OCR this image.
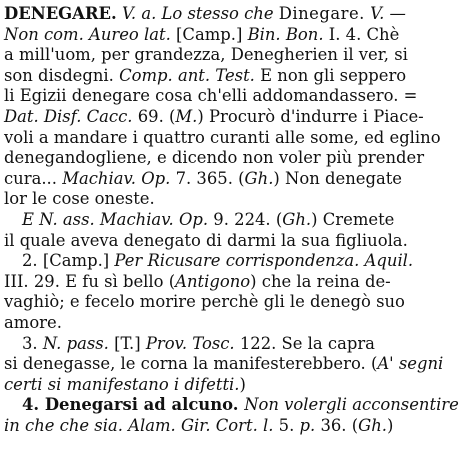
DENEGARE. V. a. Lo stesso che Dinegare. V. —
Non com. Aureo lat. [Camp.] Bin. Bon. I. 4. Chè
a mill'uom, per grandezza, Denegherien il ver, si
son disdegni. Comp. ant. Test. E non gli seppero
li Egizii denegare cosa ch'elli addomandassero. =
Dat. Disf. Cacc. 69. (M.) Procurò d'indurre i Piace-
voli a mandare i quattro curanti alle some, ed eglino
denegandogliene, e dicendo non voler più prender
cura... Machiav. Op. 7. 365. (Gh.) Non denegate
lor le cose oneste.
E N. ass. Machiav. Op. 9. 224. (Gh.) Cremete
il quale aveva denegato di darmi la sua figliuola.
2. [Camp.] Per Ricusare corrispondenza. Aquil.
III. 29. E fu sì bello (Antigono) che la reina de-
vaghiò; e fecelo morire perchè gli le denegò suo
amore.
3. N. pass. [T.] Prov. Tosc. 122. Se la capra
si denegasse, le corna la manifesterebbero. (A' segni
certi si manifestano i difetti.)
4. Denegarsi ad alcuno. Non volergli acconsentire
in che che sia. Alam. Gir. Cort. l. 5. p. 36. (Gh.)
